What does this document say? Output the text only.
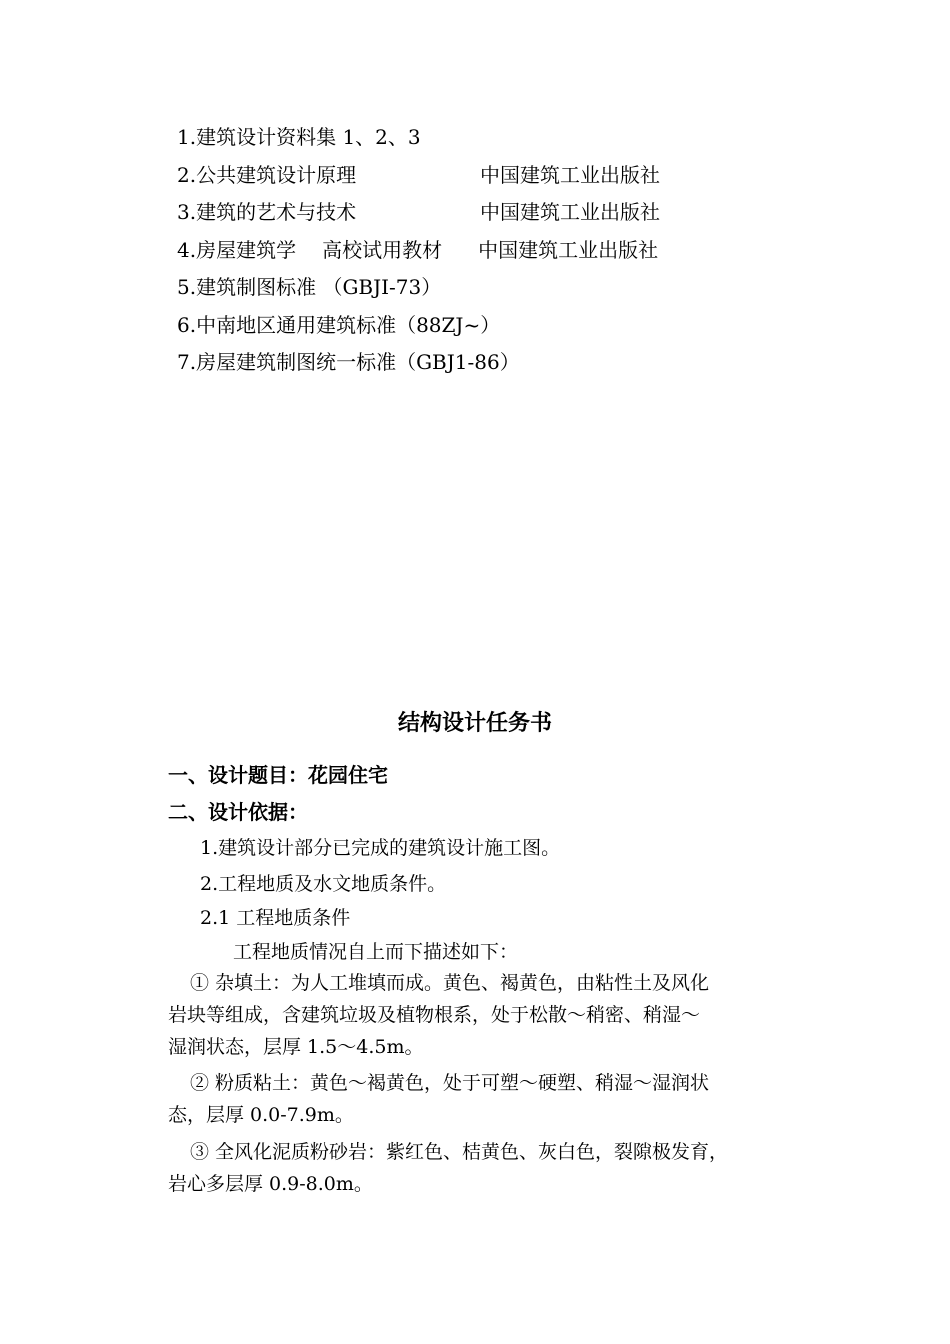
1.建筑设计资料集 1、2、3
2.公共建筑设计原理	中国建筑工业出版社
3.建筑的艺术与技术	中国建筑工业出版社
4.房屋建筑学 高校试用教材 中国建筑工业出版社
5.建筑制图标准 （GBJI-73）
6.中南地区通用建筑标准（88ZJ~）
7.房屋建筑制图统一标准（GBJ1-86）
结构设计任务书
一、设计题目：花园住宅
二、设计依据：
1.建筑设计部分已完成的建筑设计施工图。
2.工程地质及水文地质条件。
2.1 工程地质条件
工程地质情况自上而下描述如下：
① 杂填土：为人工堆填而成。黄色、褐黄色，由粘性土及风化
岩块等组成，含建筑垃圾及植物根系，处于松散～稍密、稍湿～
湿润状态，层厚 1.5～4.5m。
② 粉质粘土：黄色～褐黄色，处于可塑～硬塑、稍湿～湿润状
态，层厚 0.0-7.9m。
③ 全风化泥质粉砂岩：紫红色、桔黄色、灰白色，裂隙极发育，
岩心多层厚 0.9-8.0m。
